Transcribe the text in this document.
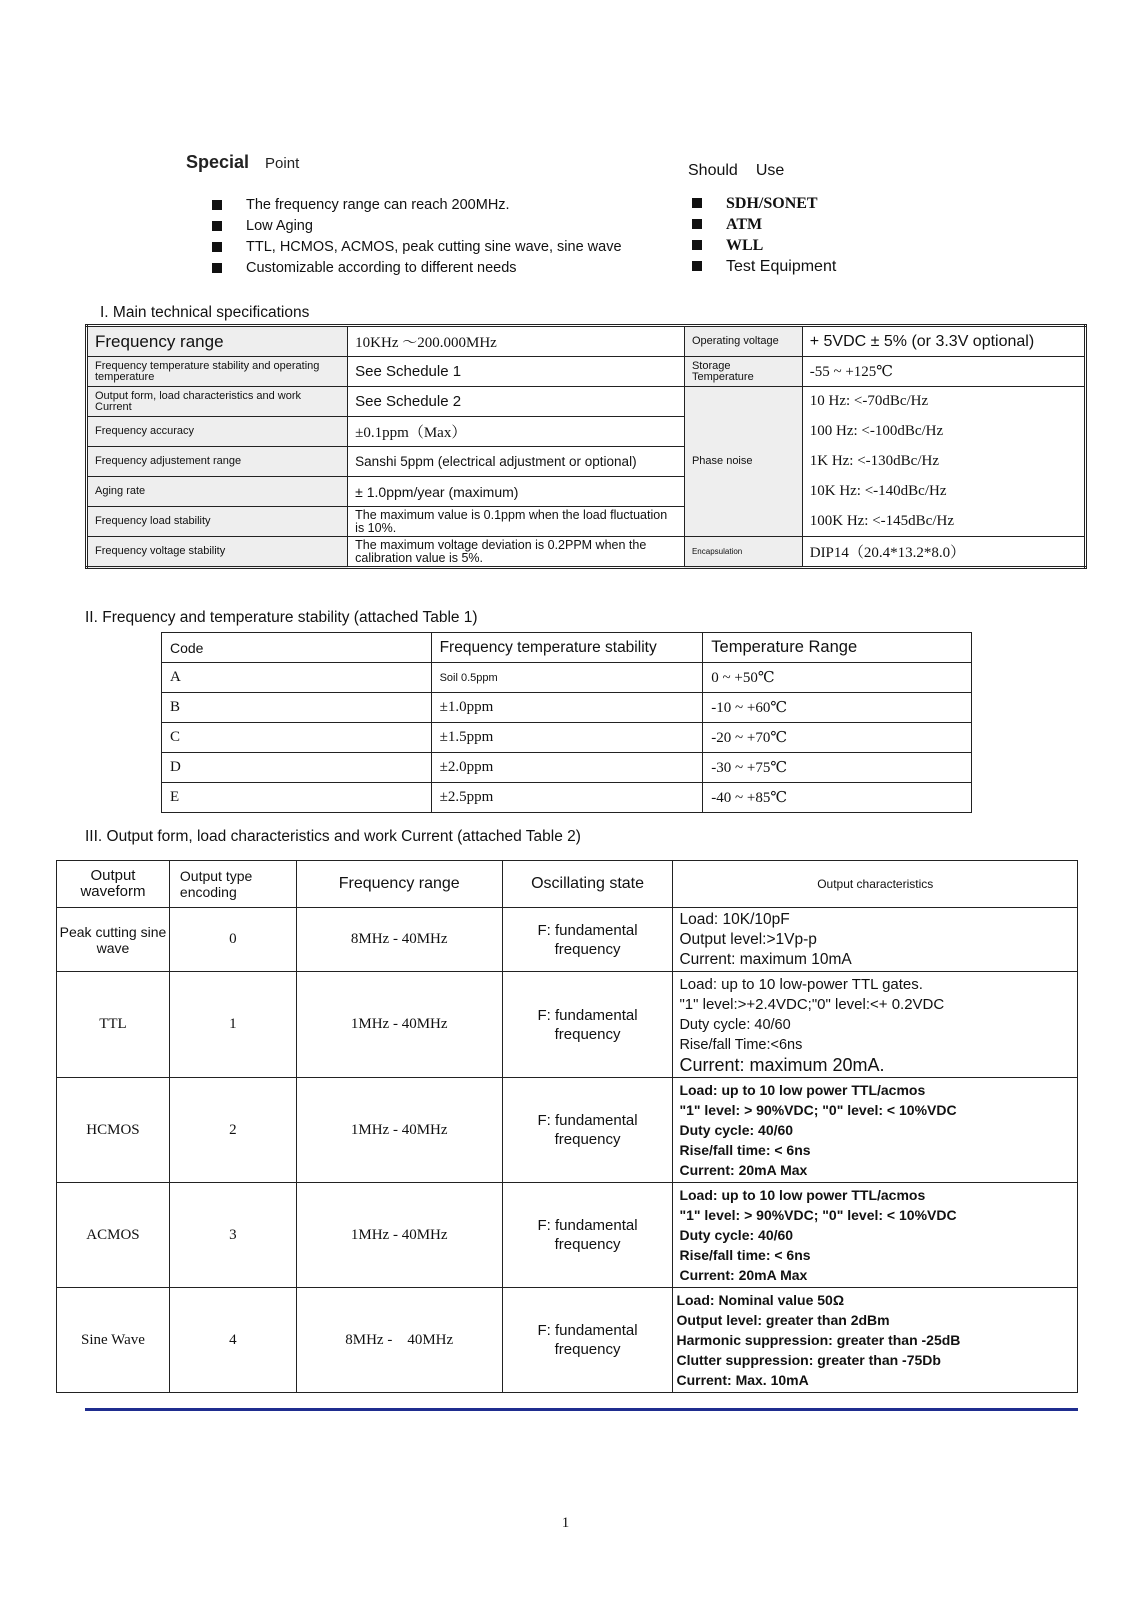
Special Point
The frequency range can reach 200MHz.
Low Aging
TTL, HCMOS, ACMOS, peak cutting sine wave, sine wave
Customizable according to different needs
Should Use
SDH/SONET
ATM
WLL
Test Equipment
I. Main technical specifications
Frequency range	10KHz ～200.000MHz	Operating voltage	+ 5VDC ± 5% (or 3.3V optional)
Frequency temperature stability and operating temperature	See Schedule 1	Storage Temperature	-55 ~ +125℃
Output form, load characteristics and work Current	See Schedule 2	Phase noise	10 Hz: <-70dBc/Hz
Frequency accuracy	±0.1ppm（Max）		100 Hz: <-100dBc/Hz
Frequency adjustement range	Sanshi 5ppm (electrical adjustment or optional)		1K Hz: <-130dBc/Hz
Aging rate	± 1.0ppm/year (maximum)		10K Hz: <-140dBc/Hz
Frequency load stability	The maximum value is 0.1ppm when the load fluctuation is 10%.		100K Hz: <-145dBc/Hz
Frequency voltage stability	The maximum voltage deviation is 0.2PPM when the calibration value is 5%.	Encapsulation	DIP14（20.4*13.2*8.0）
II. Frequency and temperature stability (attached Table 1)
Code	Frequency temperature stability	Temperature Range
A	Soil 0.5ppm	0 ~ +50℃
B	±1.0ppm	-10 ~ +60℃
C	±1.5ppm	-20 ~ +70℃
D	±2.0ppm	-30 ~ +75℃
E	±2.5ppm	-40 ~ +85℃
III. Output form, load characteristics and work Current (attached Table 2)
Output waveform	Output type encoding	Frequency range	Oscillating state	Output characteristics
Peak cutting sine wave	0	8MHz - 40MHz	F: fundamental frequency	Load: 10K/10pF
Output level:>1Vp-p
Current: maximum 10mA

TTL	1	1MHz - 40MHz	F: fundamental frequency	Load: up to 10 low-power TTL gates.
"1" level:>+2.4VDC;"0" level:<+ 0.2VDC
Duty cycle: 40/60
Rise/fall Time:<6ns
Current: maximum 20mA.

HCMOS	2	1MHz - 40MHz	F: fundamental frequency	Load: up to 10 low power TTL/acmos
"1" level: > 90%VDC; "0" level: < 10%VDC
Duty cycle: 40/60
Rise/fall time: < 6ns
Current: 20mA Max

ACMOS	3	1MHz - 40MHz	F: fundamental frequency	Load: up to 10 low power TTL/acmos
"1" level: > 90%VDC; "0" level: < 10%VDC
Duty cycle: 40/60
Rise/fall time: < 6ns
Current: 20mA Max

Sine Wave	4	8MHz -    40MHz	F: fundamental frequency	Load: Nominal value 50Ω
Output level: greater than 2dBm
Harmonic suppression: greater than -25dB
Clutter suppression: greater than -75Db
Current: Max. 10mA
1
